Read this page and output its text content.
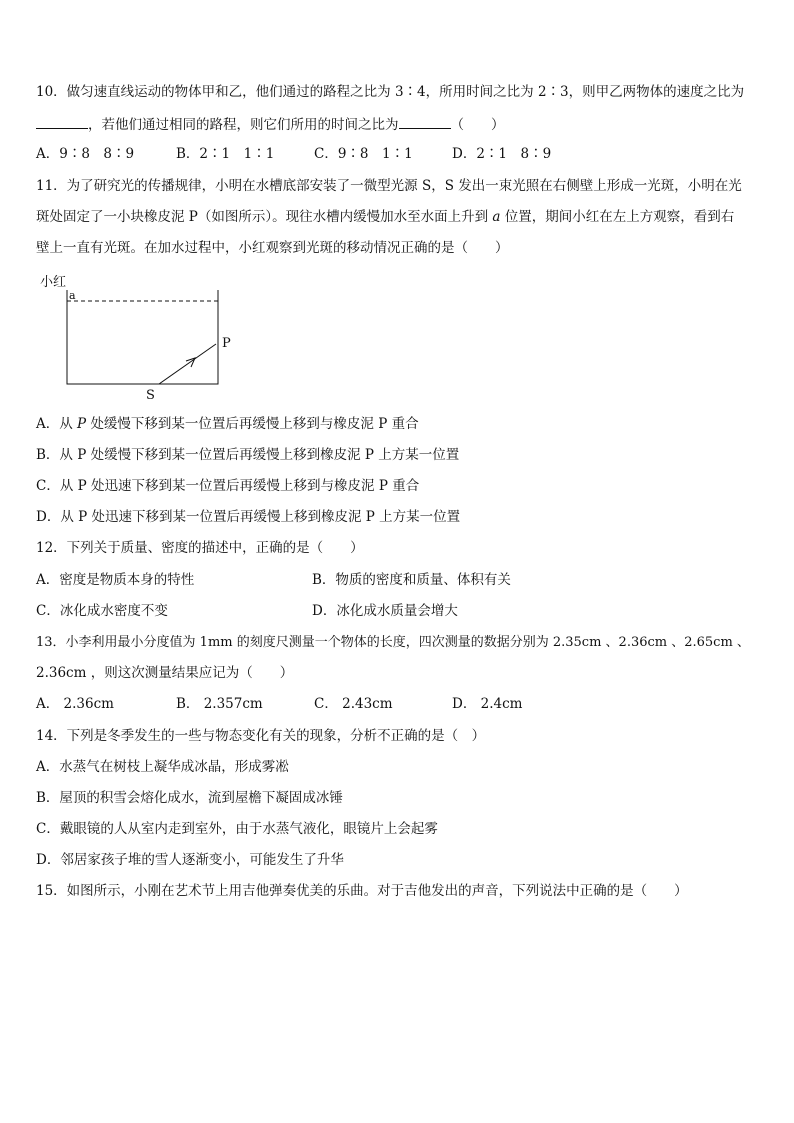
10．做匀速直线运动的物体甲和乙，他们通过的路程之比为 3∶4，所用时间之比为 2∶3，则甲乙两物体的速度之比为
，若他们通过相同的路程，则它们所用的时间之比为	（　　）
A．9∶8　8∶9	B．2∶1　1∶1	C．9∶8　1∶1	D．2∶1　8∶9
11．为了研究光的传播规律，小明在水槽底部安装了一微型光源 S，S 发出一束光照在右侧壁上形成一光斑，小明在光
斑处固定了一小块橡皮泥 P（如图所示）。现往水槽内缓慢加水至水面上升到 a 位置，期间小红在左上方观察，看到右
壁上一直有光斑。在加水过程中，小红观察到光斑的移动情况正确的是（　　）
小红
a
P
S
A．从 P 处缓慢下移到某一位置后再缓慢上移到与橡皮泥 P 重合
B．从 P 处缓慢下移到某一位置后再缓慢上移到橡皮泥 P 上方某一位置
C．从 P 处迅速下移到某一位置后再缓慢上移到与橡皮泥 P 重合
D．从 P 处迅速下移到某一位置后再缓慢上移到橡皮泥 P 上方某一位置
12．下列关于质量、密度的描述中，正确的是（　　）
A．密度是物质本身的特性	B．物质的密度和质量、体积有关
C．冰化成水密度不变	D．冰化成水质量会增大
13．小李利用最小分度值为 1mm 的刻度尺测量一个物体的长度，四次测量的数据分别为 2.35cm 、2.36cm 、2.65cm 、
2.36cm ，则这次测量结果应记为（　　）
A． 2.36cm	B． 2.357cm	C． 2.43cm	D． 2.4cm
14．下列是冬季发生的一些与物态变化有关的现象，分析不正确的是（　）
A．水蒸气在树枝上凝华成冰晶，形成雾凇
B．屋顶的积雪会熔化成水，流到屋檐下凝固成冰锤
C．戴眼镜的人从室内走到室外，由于水蒸气液化，眼镜片上会起雾
D．邻居家孩子堆的雪人逐渐变小，可能发生了升华
15．如图所示，小刚在艺术节上用吉他弹奏优美的乐曲。对于吉他发出的声音，下列说法中正确的是（　　）
